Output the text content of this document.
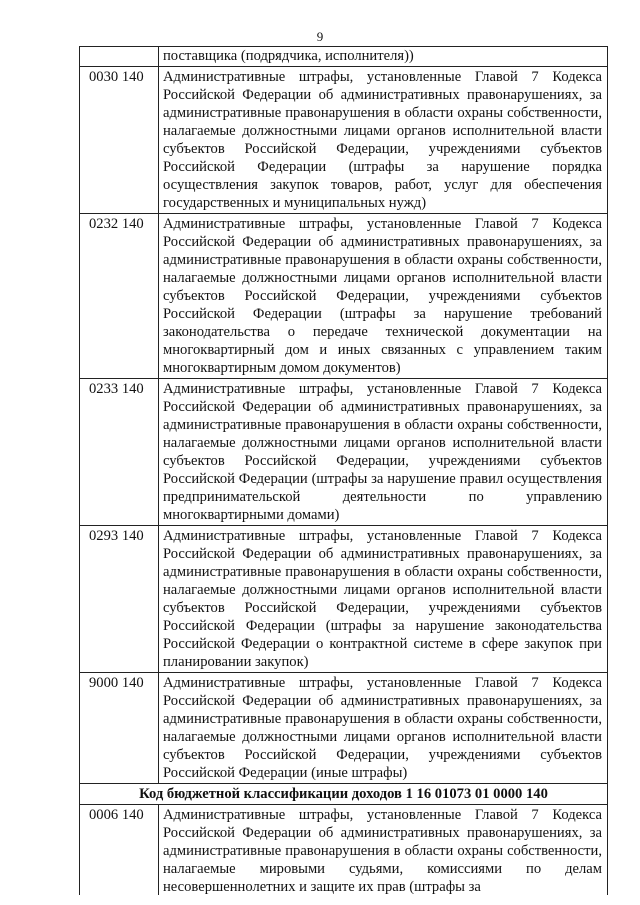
9
	поставщика (подрядчика, исполнителя))
0030 140	Административные штрафы, установленные Главой 7 Кодекса Российской Федерации об административных правонарушениях, за административные правонарушения в области охраны собственности, налагаемые должностными лицами органов исполнительной власти субъектов Российской Федерации, учреждениями субъектов Российской Федерации (штрафы за нарушение порядка осуществления закупок товаров, работ, услуг для обеспечения государственных и муниципальных нужд)
0232 140	Административные штрафы, установленные Главой 7 Кодекса Российской Федерации об административных правонарушениях, за административные правонарушения в области охраны собственности, налагаемые должностными лицами органов исполнительной власти субъектов Российской Федерации, учреждениями субъектов Российской Федерации (штрафы за нарушение требований законодательства о передаче технической документации на многоквартирный дом и иных связанных с управлением таким многоквартирным домом документов)
0233 140	Административные штрафы, установленные Главой 7 Кодекса Российской Федерации об административных правонарушениях, за административные правонарушения в области охраны собственности, налагаемые должностными лицами органов исполнительной власти субъектов Российской Федерации, учреждениями субъектов Российской Федерации (штрафы за нарушение правил осуществления предпринимательской деятельности по управлению многоквартирными домами)
0293 140	Административные штрафы, установленные Главой 7 Кодекса Российской Федерации об административных правонарушениях, за административные правонарушения в области охраны собственности, налагаемые должностными лицами органов исполнительной власти субъектов Российской Федерации, учреждениями субъектов Российской Федерации (штрафы за нарушение законодательства Российской Федерации о контрактной системе в сфере закупок при планировании закупок)
9000 140	Административные штрафы, установленные Главой 7 Кодекса Российской Федерации об административных правонарушениях, за административные правонарушения в области охраны собственности, налагаемые должностными лицами органов исполнительной власти субъектов Российской Федерации, учреждениями субъектов Российской Федерации (иные штрафы)
Код бюджетной классификации доходов 1 16 01073 01 0000 140	
0006 140	Административные штрафы, установленные Главой 7 Кодекса Российской Федерации об административных правонарушениях, за административные правонарушения в области охраны собственности, налагаемые мировыми судьями, комиссиями по делам несовершеннолетних и защите их прав (штрафы за
